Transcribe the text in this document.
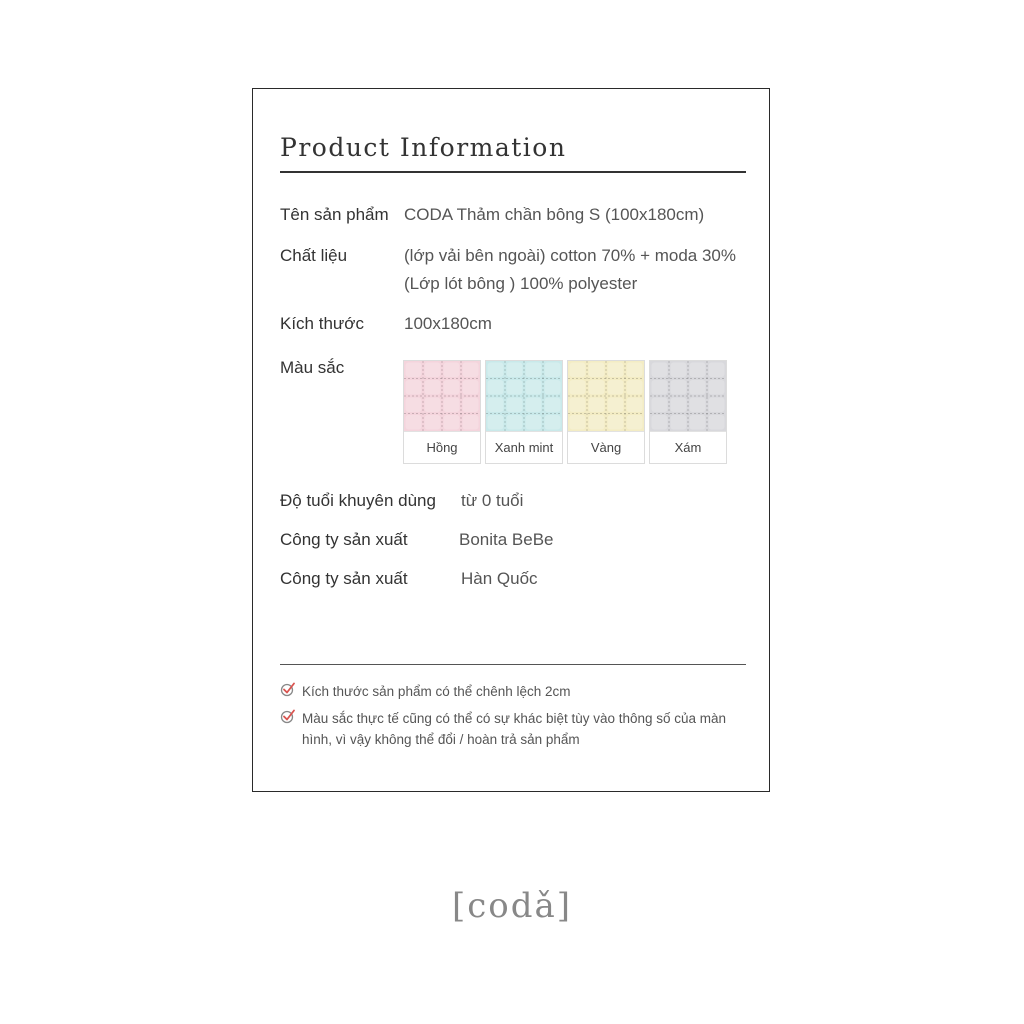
Product Information
Tên sản phẩm CODA Thảm chần bông S (100x180cm)
Chất liệu	(lớp vải bên ngoài) cotton 70% + moda 30%
(Lớp lót bông ) 100% polyester
Kích thước 100x180cm
Màu sắc
Hồng	Xanh mint	Vàng	Xám
Độ tuổi khuyên dùng từ 0 tuổi
Công ty sản xuất	Bonita BeBe
Công ty sản xuất	Hàn Quốc
Kích thước sản phẩm có thể chênh lệch 2cm
Màu sắc thực tế cũng có thể có sự khác biệt tùy vào thông số của màn
hình, vì vậy không thể đổi / hoàn trả sản phẩm
[codǎ]
